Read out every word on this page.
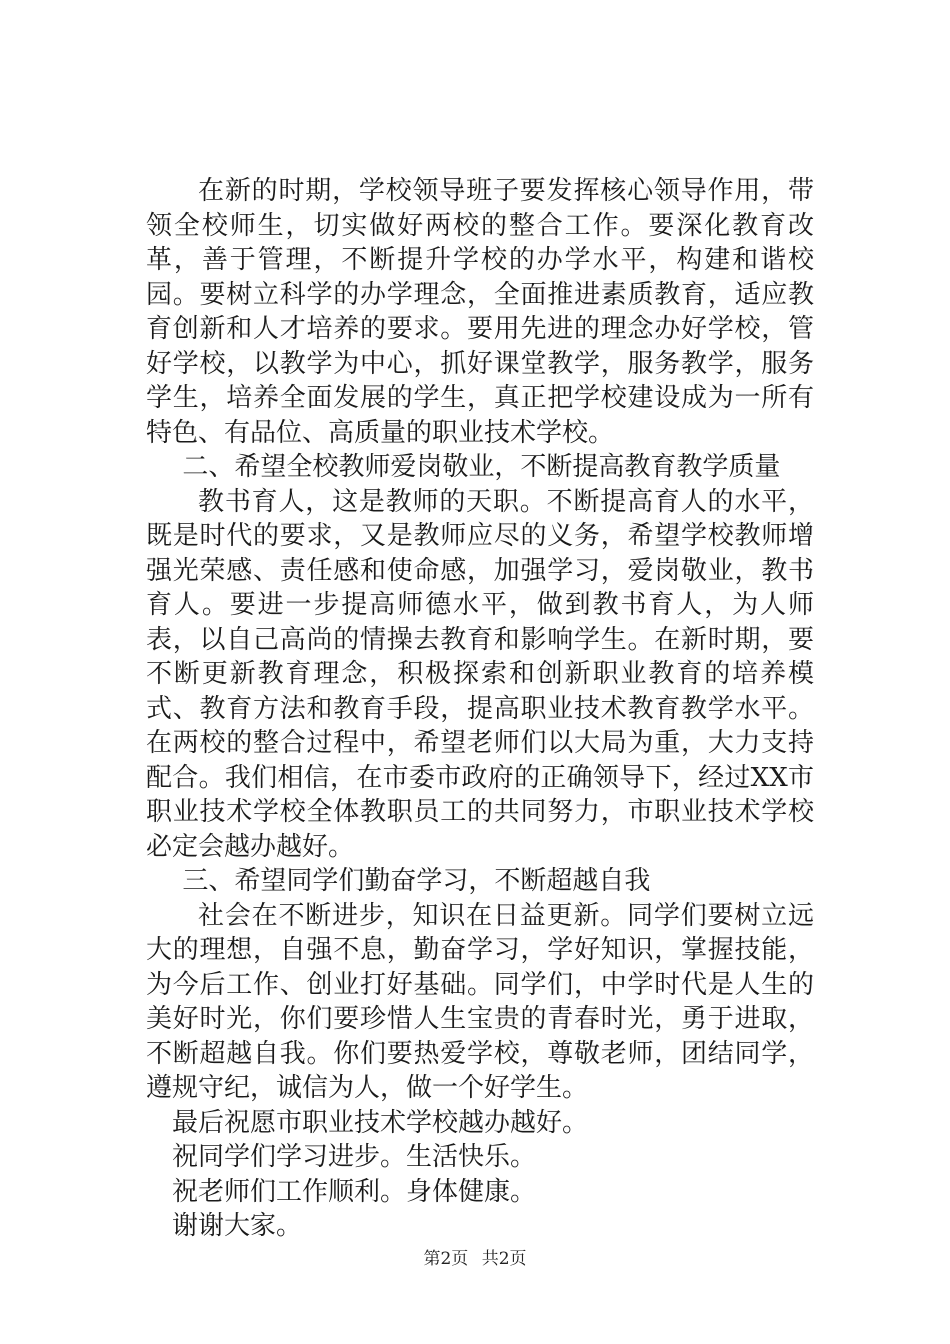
在新的时期，学校领导班子要发挥核心领导作用，带领全校师生，切实做好两校的整合工作。要深化教育改革，善于管理，不断提升学校的办学水平，构建和谐校园。要树立科学的办学理念，全面推进素质教育，适应教育创新和人才培养的要求。要用先进的理念办好学校，管好学校，以教学为中心，抓好课堂教学，服务教学，服务学生，培养全面发展的学生，真正把学校建设成为一所有特色、有品位、高质量的职业技术学校。

二、希望全校教师爱岗敬业，不断提高教育教学质量

教书育人，这是教师的天职。不断提高育人的水平，既是时代的要求，又是教师应尽的义务，希望学校教师增强光荣感、责任感和使命感，加强学习，爱岗敬业，教书育人。要进一步提高师德水平，做到教书育人，为人师表，以自己高尚的情操去教育和影响学生。在新时期，要不断更新教育理念，积极探索和创新职业教育的培养模式、教育方法和教育手段，提高职业技术教育教学水平。在两校的整合过程中，希望老师们以大局为重，大力支持配合。我们相信，在市委市政府的正确领导下，经过XX市职业技术学校全体教职员工的共同努力，市职业技术学校必定会越办越好。

三、希望同学们勤奋学习，不断超越自我

社会在不断进步，知识在日益更新。同学们要树立远大的理想，自强不息，勤奋学习，学好知识，掌握技能，为今后工作、创业打好基础。同学们，中学时代是人生的美好时光，你们要珍惜人生宝贵的青春时光，勇于进取，不断超越自我。你们要热爱学校，尊敬老师，团结同学，遵规守纪，诚信为人，做一个好学生。

最后祝愿市职业技术学校越办越好。

祝同学们学习进步。生活快乐。

祝老师们工作顺利。身体健康。

谢谢大家。

第2页 共2页
